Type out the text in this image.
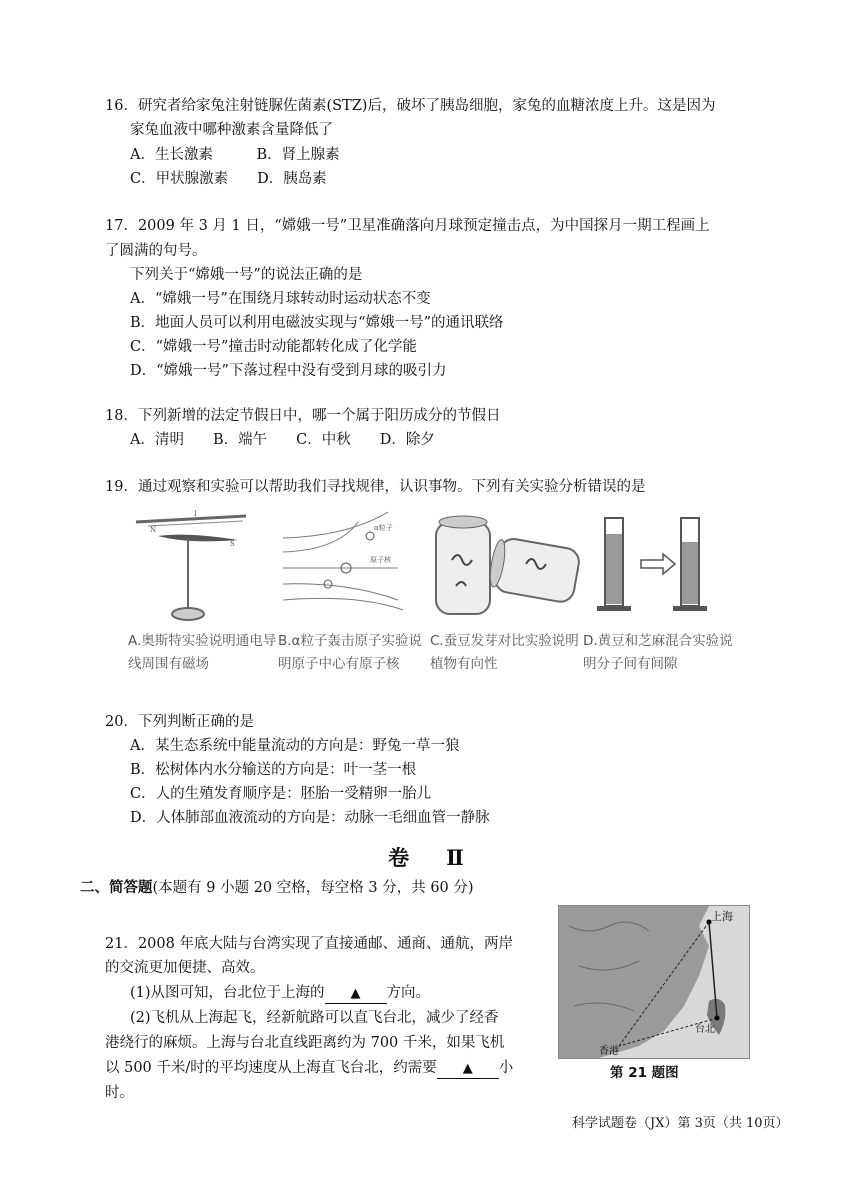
16．研究者给家兔注射链脲佐菌素(STZ)后，破坏了胰岛细胞，家兔的血糖浓度上升。这是因为
家兔血液中哪种激素含量降低了
A．生长激素　　　B．肾上腺素
C．甲状腺激素　　D．胰岛素
17．2009 年 3 月 1 日，“嫦娥一号”卫星准确落向月球预定撞击点，为中国探月一期工程画上
了圆满的句号。
下列关于“嫦娥一号”的说法正确的是
A．“嫦娥一号”在围绕月球转动时运动状态不变
B．地面人员可以利用电磁波实现与“嫦娥一号”的通讯联络
C．“嫦娥一号”撞击时动能都转化成了化学能
D．“嫦娥一号”下落过程中没有受到月球的吸引力
18．下列新增的法定节假日中，哪一个属于阳历成分的节假日
A．清明　　B．端午　　C．中秋　　D．除夕
19．通过观察和实验可以帮助我们寻找规律，认识事物。下列有关实验分析错误的是
N
S
I
A.奥斯特实验说明通电导线周围有磁场
α粒子
原子核
B.α粒子轰击原子实验说明原子中心有原子核
C.蚕豆发芽对比实验说明植物有向性
D.黄豆和芝麻混合实验说明分子间有间隙
20．下列判断正确的是
A．某生态系统中能量流动的方向是：野兔一草一狼
B．松树体内水分输送的方向是：叶一茎一根
C．人的生殖发育顺序是：胚胎一受精卵一胎儿
D．人体肺部血液流动的方向是：动脉一毛细血管一静脉
卷　Ⅱ
二、简答题(本题有 9 小题 20 空格，每空格 3 分，共 60 分)
21．2008 年底大陆与台湾实现了直接通邮、通商、通航，两岸
的交流更加便捷、高效。
(1)从图可知，台北位于上海的 ▲ 方向。
(2)飞机从上海起飞，经新航路可以直飞台北，减少了经香
港绕行的麻烦。上海与台北直线距离约为 700 千米，如果飞机
以 500 千米/时的平均速度从上海直飞台北，约需要 ▲ 小
时。
上海
台北
香港
第 21 题图
科学试题卷（JX）第 3页（共 10页）
